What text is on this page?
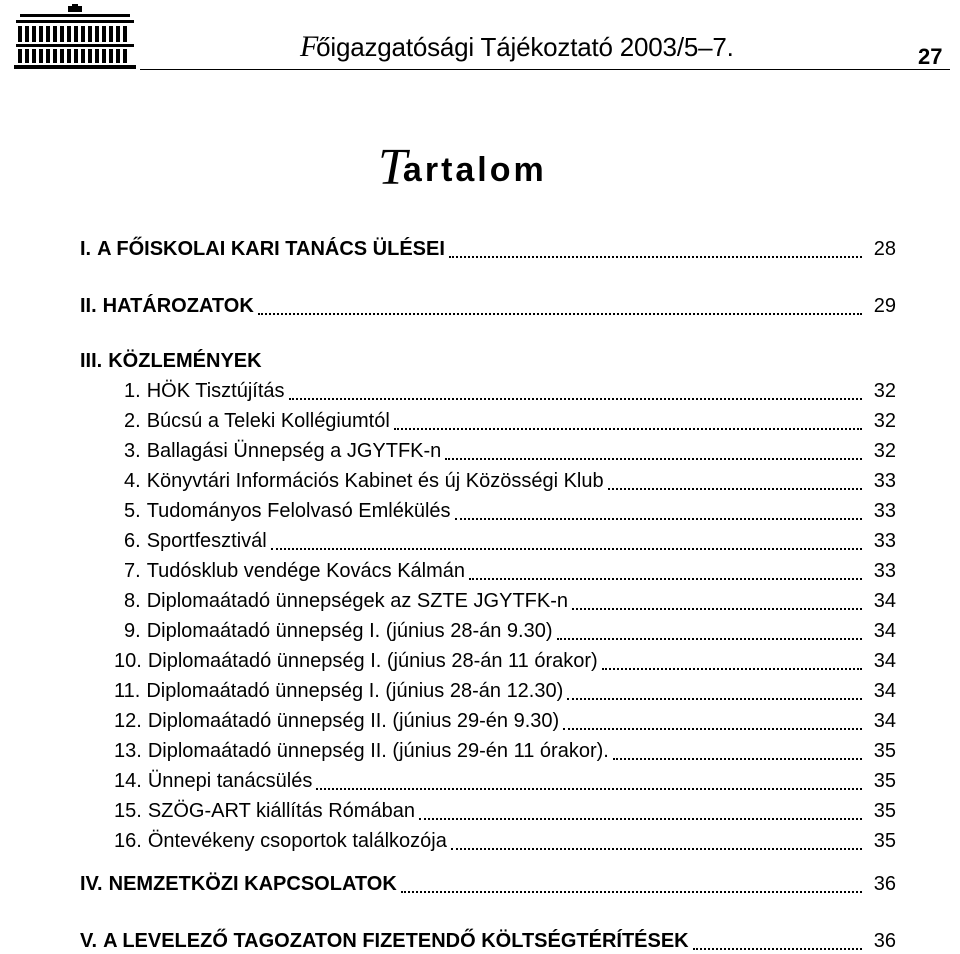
Főigazgatósági Tájékoztató 2003/5–7.	27
Tartalom
I. A FŐISKOLAI KARI TANÁCS ÜLÉSEI	28
II. HATÁROZATOK	29
III. KÖZLEMÉNYEK
1. HÖK Tisztújítás	32
2. Búcsú a Teleki Kollégiumtól	32
3. Ballagási Ünnepség a JGYTFK-n	32
4. Könyvtári Információs Kabinet és új Közösségi Klub	33
5. Tudományos Felolvasó Emlékülés	33
6. Sportfesztivál	33
7. Tudósklub vendége Kovács Kálmán	33
8. Diplomaátadó ünnepségek az SZTE JGYTFK-n	34
9. Diplomaátadó ünnepség I. (június 28-án 9.30)	34
10. Diplomaátadó ünnepség I. (június 28-án 11 órakor)	34
11. Diplomaátadó ünnepség I. (június 28-án 12.30)	34
12. Diplomaátadó ünnepség II. (június 29-én 9.30)	34
13. Diplomaátadó ünnepség II. (június 29-én 11 órakor).	35
14. Ünnepi tanácsülés	35
15. SZÖG-ART kiállítás Rómában	35
16. Öntevékeny csoportok találkozója	35
IV. NEMZETKÖZI KAPCSOLATOK	36
V. A LEVELEZŐ TAGOZATON FIZETENDŐ KÖLTSÉGTÉRÍTÉSEK	36
